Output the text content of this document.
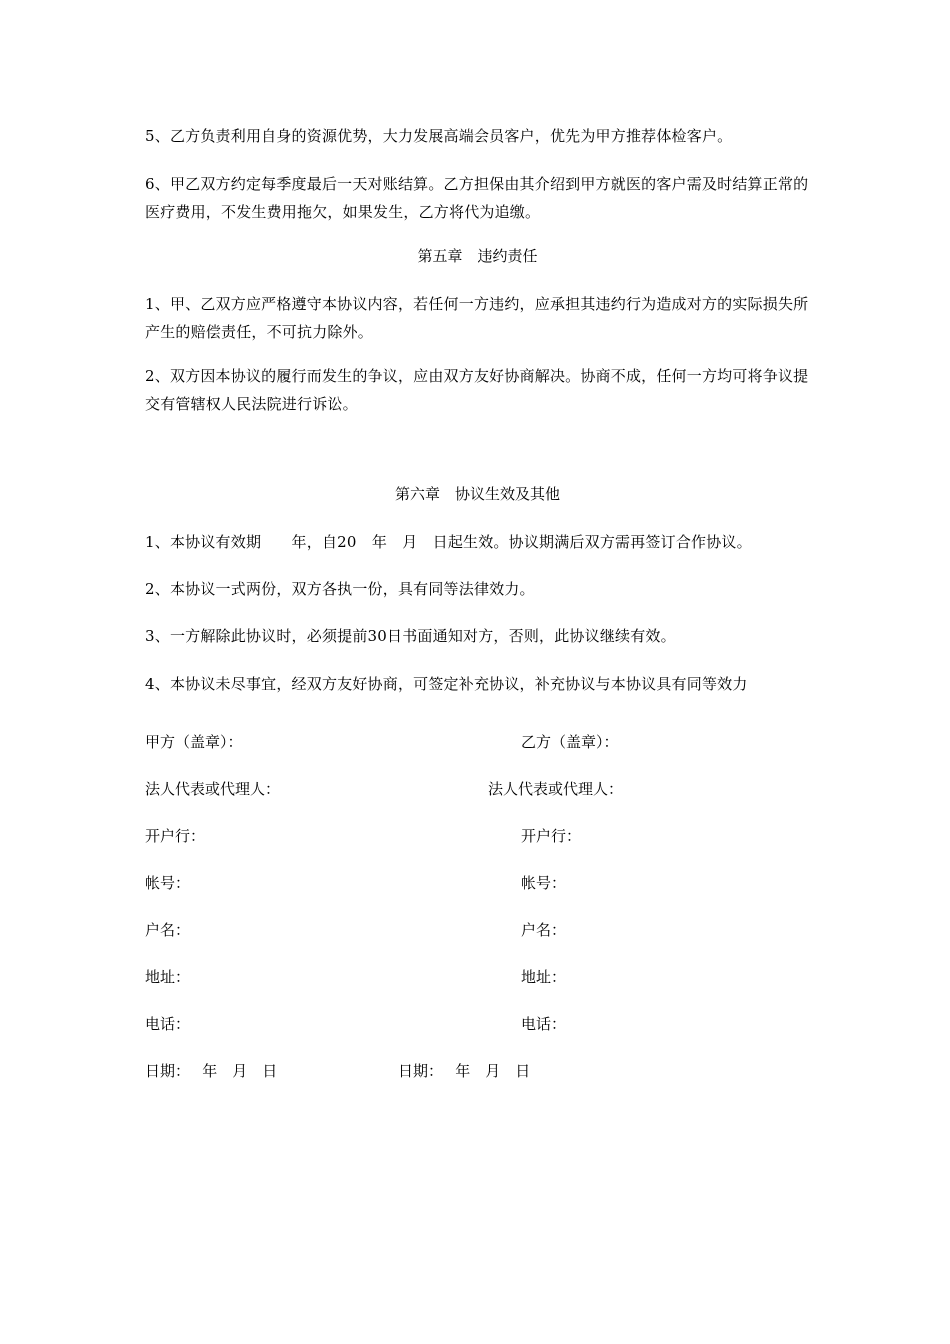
5、乙方负责利用自身的资源优势，大力发展高端会员客户，优先为甲方推荐体检客户。

6、甲乙双方约定每季度最后一天对账结算。乙方担保由其介绍到甲方就医的客户需及时结算正常的医疗费用，不发生费用拖欠，如果发生，乙方将代为追缴。

第五章　违约责任

1、甲、乙双方应严格遵守本协议内容，若任何一方违约，应承担其违约行为造成对方的实际损失所产生的赔偿责任，不可抗力除外。

2、双方因本协议的履行而发生的争议，应由双方友好协商解决。协商不成，任何一方均可将争议提交有管辖权人民法院进行诉讼。

第六章　协议生效及其他

1、本协议有效期　　年，自20　年　月　日起生效。协议期满后双方需再签订合作协议。

2、本协议一式两份，双方各执一份，具有同等法律效力。

3、一方解除此协议时，必须提前30日书面通知对方，否则，此协议继续有效。

4、本协议未尽事宜，经双方友好协商，可签定补充协议，补充协议与本协议具有同等效力

甲方（盖章）：

法人代表或代理人：

开户行：

帐号：

户名：

地址：

电话：

日期：　 年　月　日

乙方（盖章）：

法人代表或代理人：

开户行：

帐号：

户名：

地址：

电话：

日期：　 年　月　日
